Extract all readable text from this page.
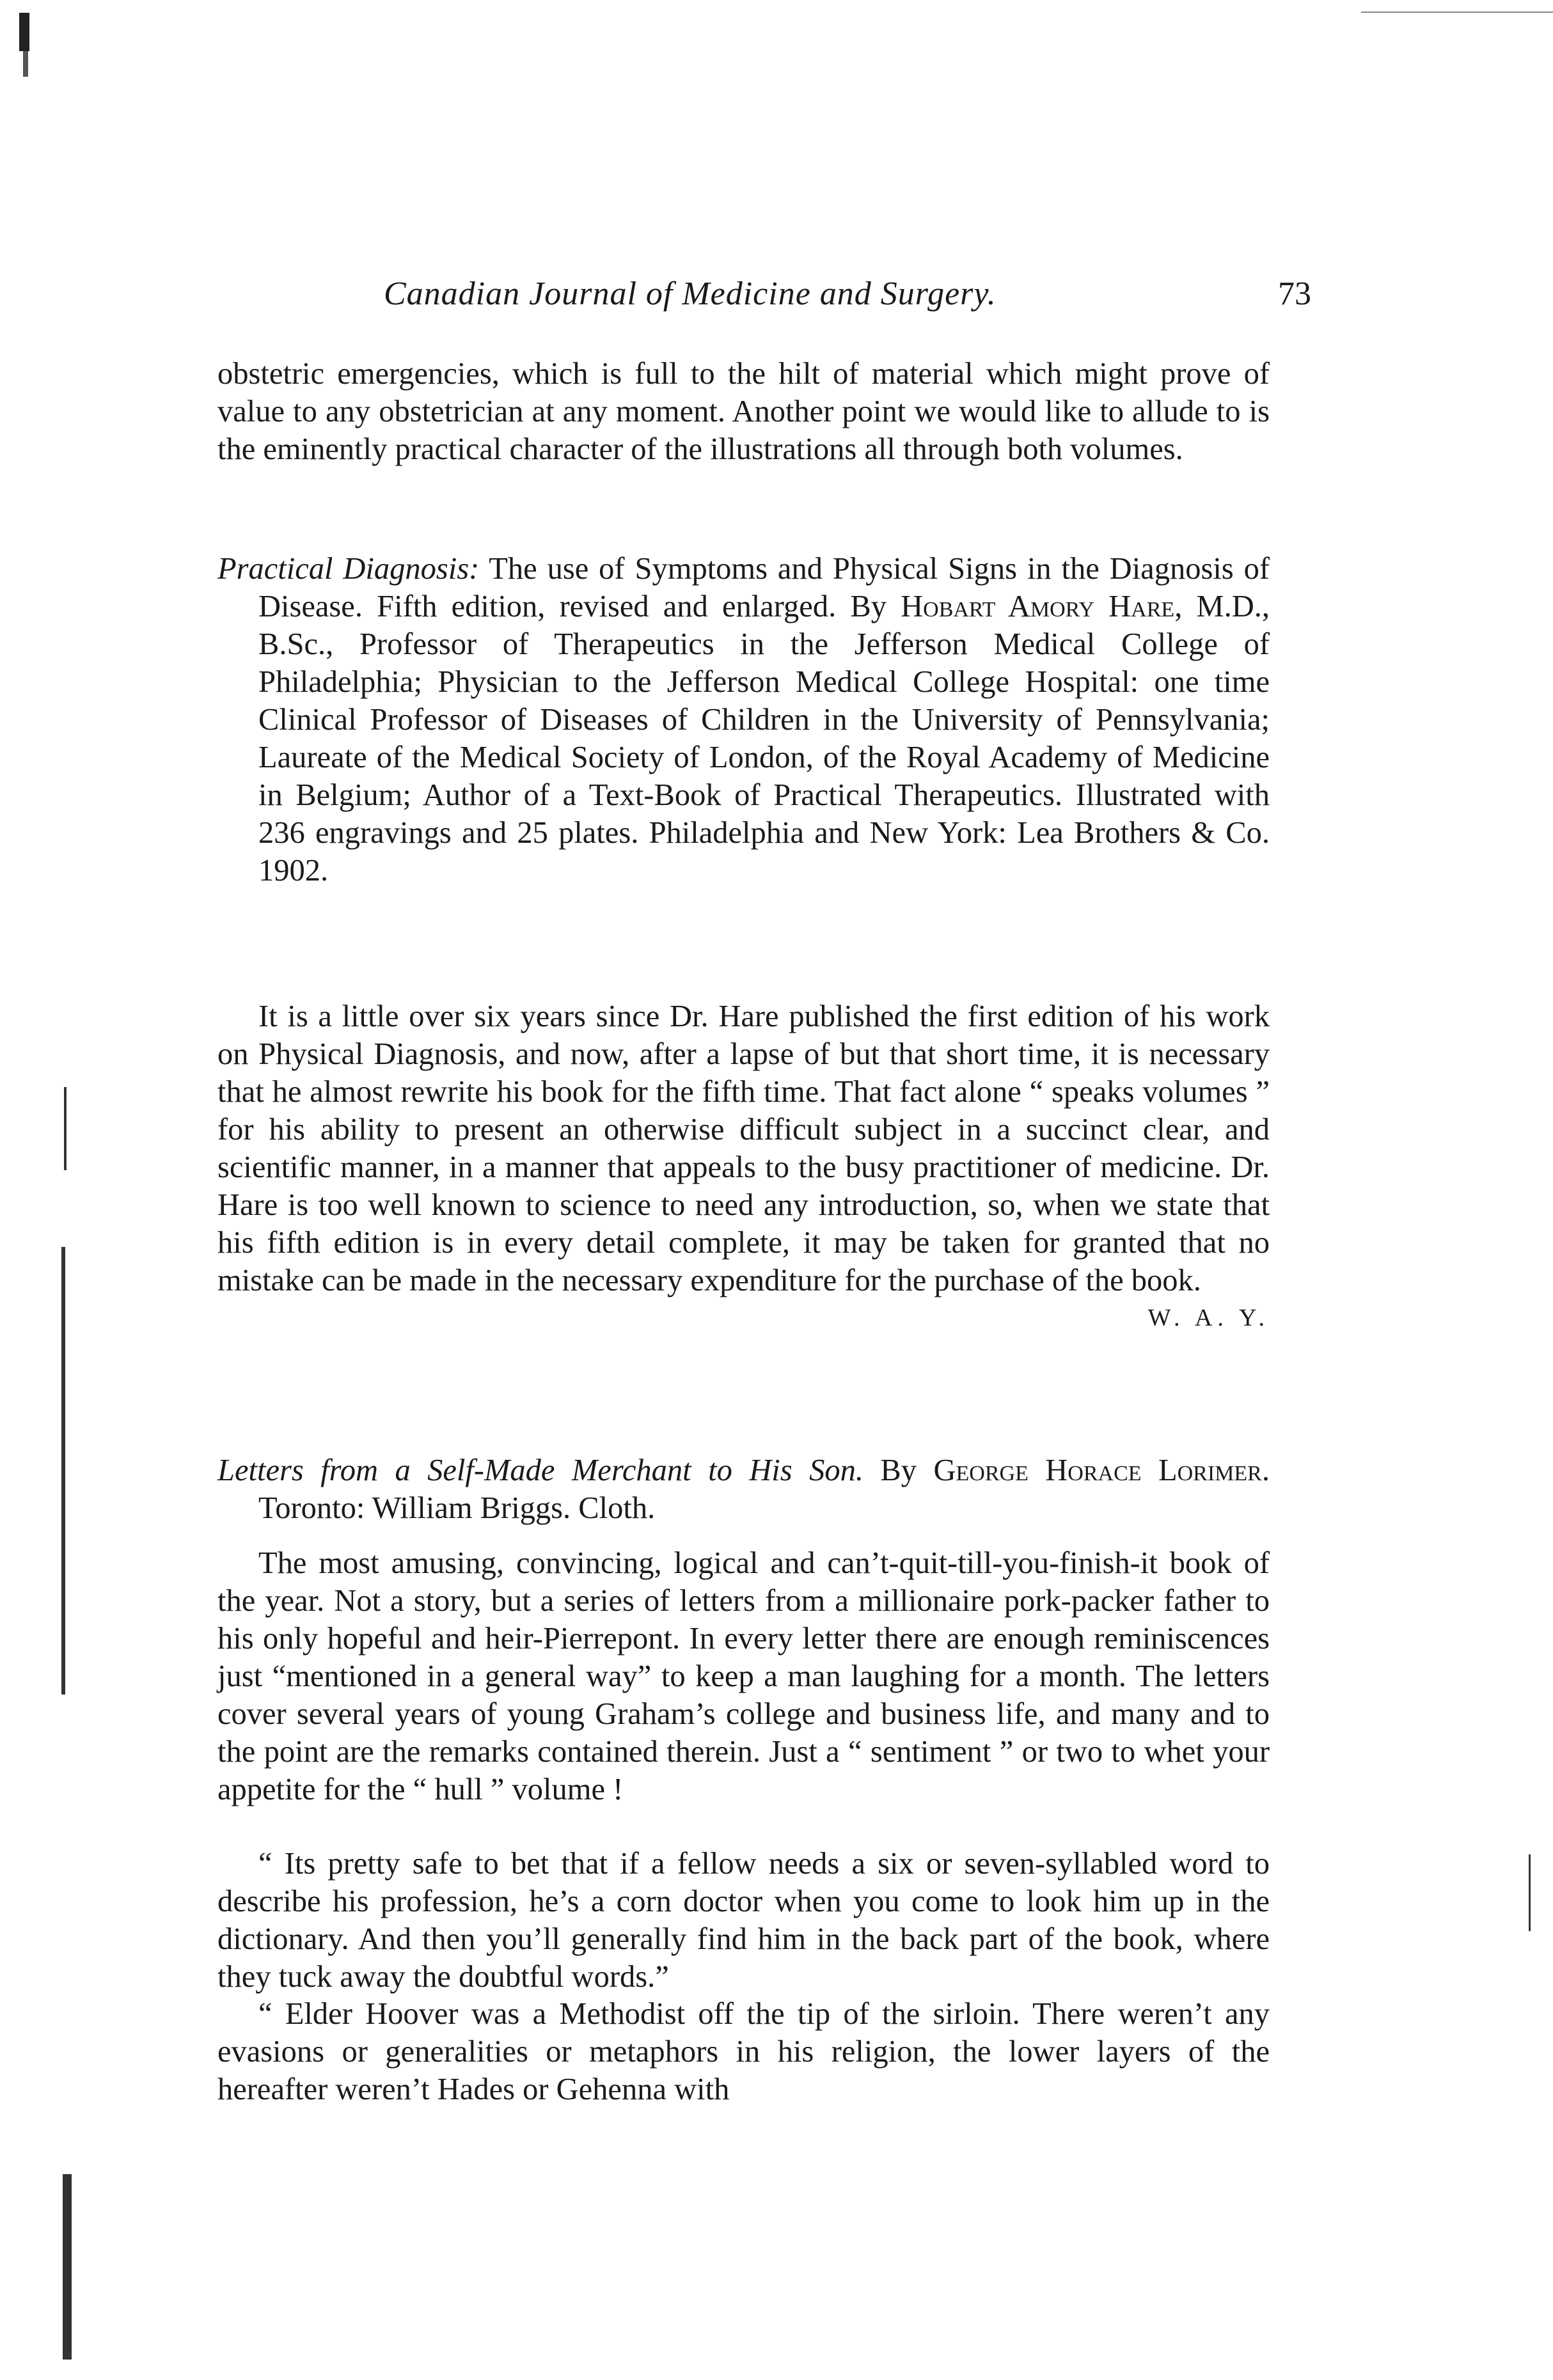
Canadian Journal of Medicine and Surgery.	73

obstetric emergencies, which is full to the hilt of material which might prove of value to any obstetrician at any moment. Another point we would like to allude to is the eminently practical character of the illustrations all through both volumes.

Practical Diagnosis: The use of Symptoms and Physical Signs in the Diagnosis of Disease. Fifth edition, revised and enlarged. By Hobart Amory Hare, M.D., B.Sc., Professor of Therapeutics in the Jefferson Medical College of Philadelphia; Physician to the Jefferson Medical College Hospital: one time Clinical Professor of Diseases of Children in the University of Pennsylvania; Laureate of the Medical Society of London, of the Royal Academy of Medicine in Belgium; Author of a Text-Book of Practical Therapeutics. Illustrated with 236 engravings and 25 plates. Philadelphia and New York: Lea Brothers & Co. 1902.

It is a little over six years since Dr. Hare published the first edition of his work on Physical Diagnosis, and now, after a lapse of but that short time, it is necessary that he almost rewrite his book for the fifth time. That fact alone “ speaks volumes ” for his ability to present an otherwise difficult subject in a succinct clear, and scientific manner, in a manner that appeals to the busy practitioner of medicine. Dr. Hare is too well known to science to need any introduction, so, when we state that his fifth edition is in every detail complete, it may be taken for granted that no mistake can be made in the necessary expenditure for the purchase of the book.
W. A. Y.

Letters from a Self-Made Merchant to His Son. By George Horace Lorimer. Toronto: William Briggs. Cloth.

The most amusing, convincing, logical and can’t-quit-till-you-finish-it book of the year. Not a story, but a series of letters from a millionaire pork-packer father to his only hopeful and heir-Pierrepont. In every letter there are enough reminiscences just “mentioned in a general way” to keep a man laughing for a month. The letters cover several years of young Graham’s college and business life, and many and to the point are the remarks contained therein. Just a “ sentiment ” or two to whet your appetite for the “ hull ” volume !

“ Its pretty safe to bet that if a fellow needs a six or seven-syllabled word to describe his profession, he’s a corn doctor when you come to look him up in the dictionary. And then you’ll generally find him in the back part of the book, where they tuck away the doubtful words.”

“ Elder Hoover was a Methodist off the tip of the sirloin. There weren’t any evasions or generalities or metaphors in his religion, the lower layers of the hereafter weren’t Hades or Gehenna with
